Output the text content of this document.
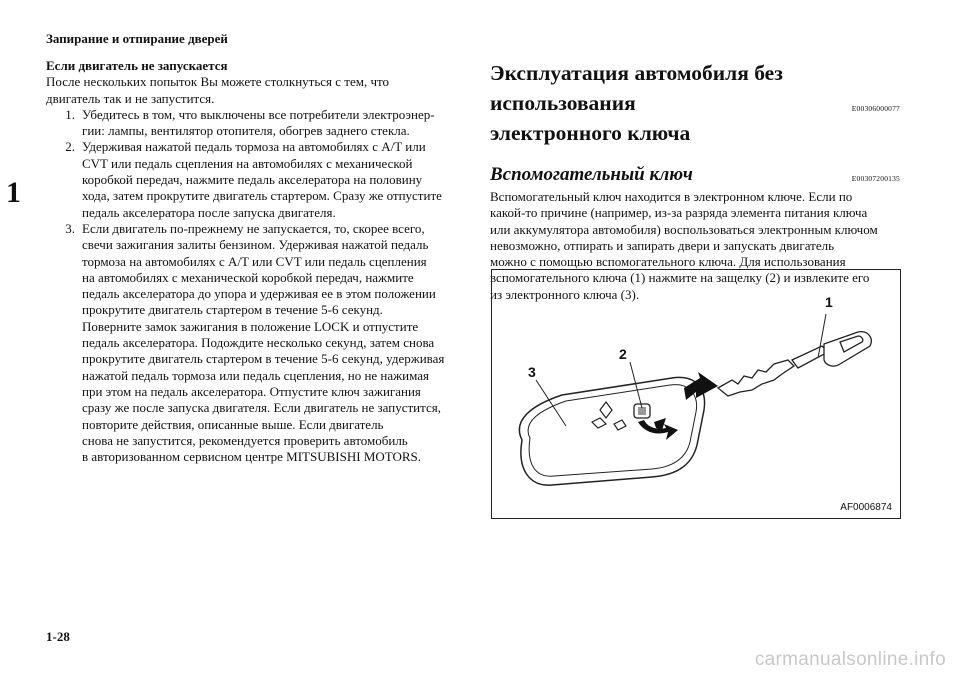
Запирание и отпирание дверей
1
Если двигатель не запускается
После нескольких попыток Вы можете столкнуться с тем, что
двигатель так и не запустится.
1. Убедитесь в том, что выключены все потребители электроэнер-
гии: лампы, вентилятор отопителя, обогрев заднего стекла.
2. Удерживая нажатой педаль тормоза на автомобилях с A/T или
CVT или педаль сцепления на автомобилях с механической
коробкой передач, нажмите педаль акселератора на половину
хода, затем прокрутите двигатель стартером. Сразу же отпустите
педаль акселератора после запуска двигателя.
3. Если двигатель по-прежнему не запускается, то, скорее всего,
свечи зажигания залиты бензином. Удерживая нажатой педаль
тормоза на автомобилях с A/T или CVT или педаль сцепления
на автомобилях с механической коробкой передач, нажмите
педаль акселератора до упора и удерживая ее в этом положении
прокрутите двигатель стартером в течение 5-6 секунд.
Поверните замок зажигания в положение LOCK и отпустите
педаль акселератора. Подождите несколько секунд, затем снова
прокрутите двигатель стартером в течение 5-6 секунд, удерживая
нажатой педаль тормоза или педаль сцепления, но не нажимая
при этом на педаль акселератора. Отпустите ключ зажигания
сразу же после запуска двигателя. Если двигатель не запустится,
повторите действия, описанные выше. Если двигатель
снова не запустится, рекомендуется проверить автомобиль
в авторизованном сервисном центре MITSUBISHI MOTORS.
Эксплуатация автомобиля без использования
электронного ключа
E00306000077
Вспомогательный ключ	E00307200135
Вспомогательный ключ находится в электронном ключе. Если по
какой-то причине (например, из-за разряда элемента питания ключа
или аккумулятора автомобиля) воспользоваться электронным ключом
невозможно, отпирать и запирать двери и запускать двигатель
можно с помощью вспомогательного ключа. Для использования
вспомогательного ключа (1) нажмите на защелку (2) и извлеките его
из электронного ключа (3).	1
2
3
AF0006874
1-28
carmanualsonline.info
